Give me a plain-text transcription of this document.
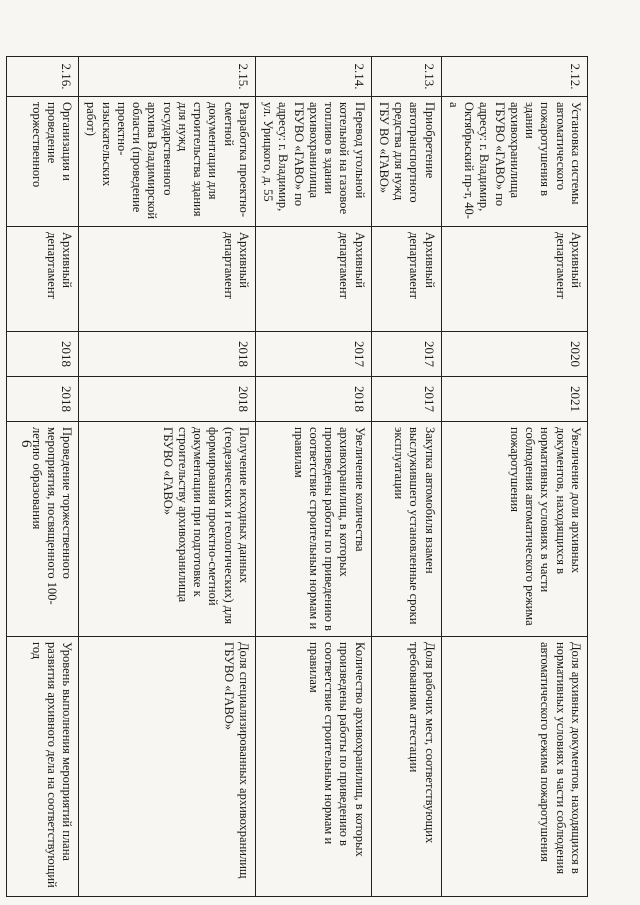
6
2.12.	Установка системы автоматического пожаротушения в здании архивохранилища ГБУВО «ГАВО» по адресу: г. Владимир, Октябрьский пр-т, 40-а	Архивный департамент	2020	2021	Увеличение доли архивных документов, находящихся в нормативных условиях в части соблюдения автоматического режима пожаротушения	Доля архивных документов, находящихся в нормативных условиях в части соблюдения автоматического режима пожаротушения
2.13.	Приобретение автотранспортного средства для нужд ГБУ ВО «ГАВО»	Архивный департамент	2017	2017	Закупка автомобиля взамен выслужившего установленные сроки эксплуатации	Доля рабочих мест, соответствующих требованиям аттестации
2.14.	Перевод угольной котельной на газовое топливо в здании архивохранилища ГБУВО «ГАВО» по адресу: г. Владимир, ул. Урицкого, д. 55	Архивный департамент	2017	2018	Увеличение количества архивохранилищ, в которых произведены работы по приведению в соответствие строительным нормам и правилам	Количество архивохранилищ, в которых произведены работы по приведению в соответствие строительным нормам и правилам
2.15.	Разработка проектно-сметной документации для строительства здания для нужд государственного архива Владимирской области (проведение проектно-изыскательских работ)	Архивный департамент	2018	2018	Получение исходных данных (геодезических и геологических) для формирования проектно-сметной документации при подготовке к строительству архивохранилища ГБУВО «ГАВО»	Доля специализированных архивохранилищ ГБУВО «ГАВО»
2.16.	Организация и проведение торжественного	Архивный департамент	2018	2018	Проведение торжественного мероприятия, посвященного 100-летию образования	Уровень выполнения мероприятий плана развития архивного дела на соответствующий год
